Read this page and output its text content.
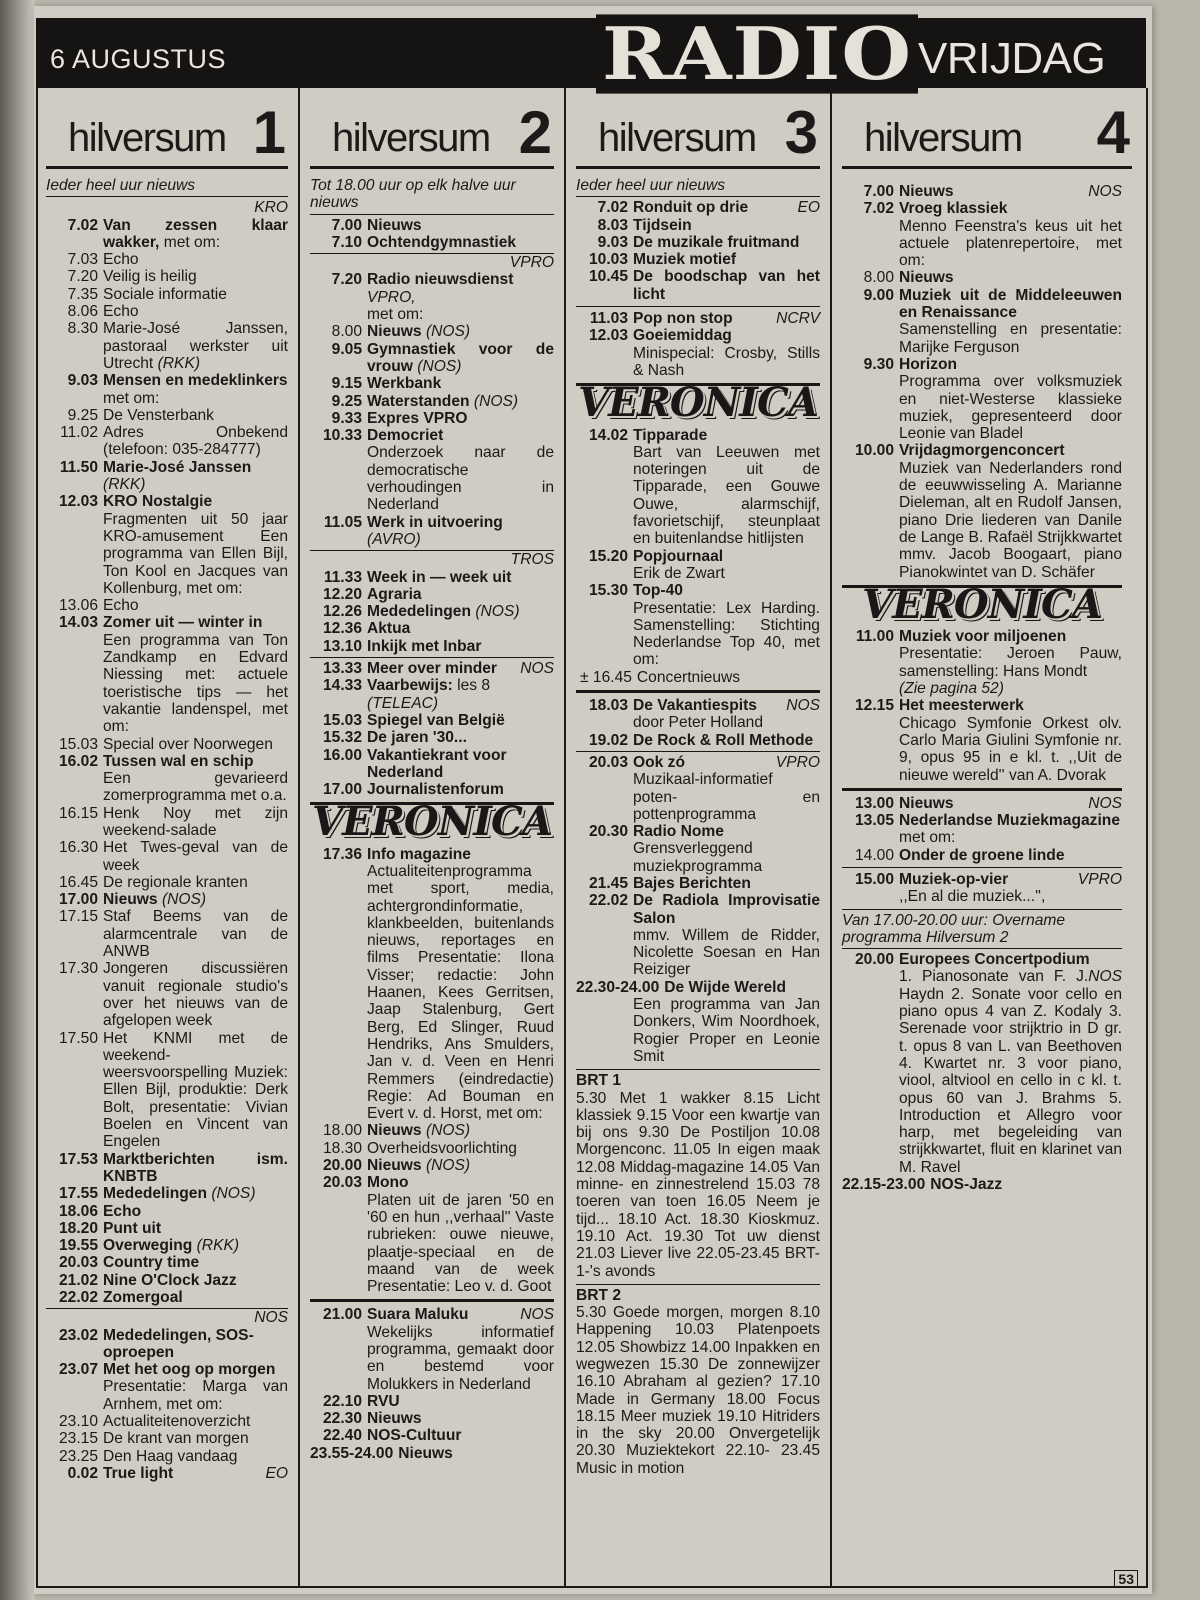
6 AUGUSTUS	RADIO VRIJDAG
hilversum 1
Ieder heel uur nieuws
KRO
7.02 Van zessen klaar wakker, met om:
7.03 Echo
7.20 Veilig is heilig
7.35 Sociale informatie
8.06 Echo
8.30 Marie-José Janssen, pastoraal werkster uit Utrecht (RKK)
9.03 Mensen en medeklinkers
met om:
9.25 De Vensterbank
11.02 Adres Onbekend (telefoon: 035-284777)
11.50 Marie-José Janssen
(RKK)
12.03 KRO Nostalgie
Fragmenten uit 50 jaar KRO-amusement Een programma van Ellen Bijl, Ton Kool en Jacques van Kollenburg, met om:
13.06 Echo
14.03 Zomer uit — winter in
Een programma van Ton Zandkamp en Edvard Niessing met: actuele toeristische tips — het vakantie landenspel, met om:
15.03 Special over Noorwegen
16.02 Tussen wal en schip
Een gevarieerd zomerprogramma met o.a.
16.15 Henk Noy met zijn weekend-salade
16.30 Het Twes-geval van de week
16.45 De regionale kranten
17.00 Nieuws (NOS)
17.15 Staf Beems van de alarmcentrale van de ANWB
17.30 Jongeren discussiëren vanuit regionale studio's over het nieuws van de afgelopen week
17.50 Het KNMI met de weekend-weersvoorspelling Muziek: Ellen Bijl, produktie: Derk Bolt, presentatie: Vivian Boelen en Vincent van Engelen
17.53 Marktberichten ism. KNBTB
17.55 Mededelingen (NOS)
18.06 Echo
18.20 Punt uit
19.55 Overweging (RKK)
20.03 Country time
21.02 Nine O'Clock Jazz
22.02 Zomergoal
NOS
23.02 Mededelingen, SOS-oproepen
23.07 Met het oog op morgen
Presentatie: Marga van Arnhem, met om:
23.10 Actualiteitenoverzicht
23.15 De krant van morgen
23.25 Den Haag vandaag
0.02 True light	EO
hilversum 2
Tot 18.00 uur op elk halve uur nieuws
7.00 Nieuws
7.10 Ochtendgymnastiek
VPRO
7.20 Radio nieuwsdienst
VPRO,
met om:
8.00 Nieuws (NOS)
9.05 Gymnastiek voor de vrouw (NOS)
9.15 Werkbank
9.25 Waterstanden (NOS)
9.33 Expres VPRO
10.33 Democriet
Onderzoek naar de democratische verhoudingen in Nederland
11.05 Werk in uitvoering
(AVRO)
TROS
11.33 Week in — week uit
12.20 Agraria
12.26 Mededelingen (NOS)
12.36 Aktua
13.10 Inkijk met Inbar
13.33 Meer over minder NOS
14.33 Vaarbewijs: les 8
(TELEAC)
15.03 Spiegel van België
15.32 De jaren '30...
16.00 Vakantiekrant voor Nederland
17.00 Journalistenforum
VERONICA
17.36 Info magazine
Actualiteitenprogramma met sport, media, achtergrondinformatie, klankbeelden, buitenlands nieuws, reportages en films Presentatie: Ilona Visser; redactie: John Haanen, Kees Gerritsen, Jaap Stalenburg, Gert Berg, Ed Slinger, Ruud Hendriks, Ans Smulders, Jan v. d. Veen en Henri Remmers (eindredactie) Regie: Ad Bouman en Evert v. d. Horst, met om:
18.00 Nieuws (NOS)
18.30 Overheidsvoorlichting
20.00 Nieuws (NOS)
20.03 Mono
Platen uit de jaren '50 en '60 en hun ,,verhaal'' Vaste rubrieken: ouwe nieuwe, plaatje-speciaal en de maand van de week Presentatie: Leo v. d. Goot
21.00 Suara Maluku	NOS

Wekelijks informatief programma, gemaakt door en bestemd voor Molukkers in Nederland
22.10 RVU
22.30 Nieuws
22.40 NOS-Cultuur
23.55-24.00 Nieuws
hilversum 3
Ieder heel uur nieuws
7.02 Ronduit op drie	EO
8.03 Tijdsein
9.03 De muzikale fruitmand
10.03 Muziek motief
10.45 De boodschap van het licht
11.03 Pop non stop	NCRV
12.03 Goeiemiddag
Minispecial: Crosby, Stills & Nash
VERONICA
14.02 Tipparade
Bart van Leeuwen met noteringen uit de Tipparade, een Gouwe Ouwe, alarmschijf, favorietschijf, steunplaat en buitenlandse hitlijsten
15.20 Popjournaal
Erik de Zwart
15.30 Top-40
Presentatie: Lex Harding. Samenstelling: Stichting Nederlandse Top 40, met om:
± 16.45 Concertnieuws
18.03 De Vakantiespits NOS

door Peter Holland
19.02 De Rock & Roll Methode
20.03 Ook zó	VPRO

Muzikaal-informatief poten- en pottenprogramma
20.30 Radio Nome
Grensverleggend muziekprogramma
21.45 Bajes Berichten
22.02 De Radiola Improvisatie Salon
mmv. Willem de Ridder, Nicolette Soesan en Han Reiziger
22.30-24.00 De Wijde Wereld
Een programma van Jan Donkers, Wim Noordhoek, Rogier Proper en Leonie Smit
BRT 1
5.30 Met 1 wakker 8.15 Licht klassiek 9.15 Voor een kwartje van bij ons 9.30 De Postiljon 10.08 Morgenconc. 11.05 In eigen maak 12.08 Middag-magazine 14.05 Van minne- en zinnestrelend 15.03 78 toeren van toen 16.05 Neem je tijd... 18.10 Act. 18.30 Kioskmuz. 19.10 Act. 19.30 Tot uw dienst 21.03 Liever live 22.05-23.45 BRT-1-'s avonds
BRT 2
5.30 Goede morgen, morgen 8.10 Happening 10.03 Platenpoets 12.05 Showbizz 14.00 Inpakken en wegwezen 15.30 De zonnewijzer 16.10 Abraham al gezien? 17.10 Made in Germany 18.00 Focus 18.15 Meer muziek 19.10 Hitriders in the sky 20.00 Onvergetelijk 20.30 Muziektekort 22.10- 23.45 Music in motion
hilversum 4
7.00 Nieuws	NOS
7.02 Vroeg klassiek
Menno Feenstra's keus uit het actuele platenrepertoire, met om:
8.00 Nieuws
9.00 Muziek uit de Middeleeuwen en Renaissance
Samenstelling en presentatie: Marijke Ferguson
9.30 Horizon
Programma over volksmuziek en niet-Westerse klassieke muziek, gepresenteerd door Leonie van Bladel
10.00 Vrijdagmorgenconcert
Muziek van Nederlanders rond de eeuwwisseling A. Marianne Dieleman, alt en Rudolf Jansen, piano Drie liederen van Danile de Lange B. Rafaël Strijkkwartet mmv. Jacob Boogaart, piano Pianokwintet van D. Schäfer
VERONICA
11.00 Muziek voor miljoenen
Presentatie: Jeroen Pauw, samenstelling: Hans Mondt
(Zie pagina 52)
12.15 Het meesterwerk
Chicago Symfonie Orkest olv. Carlo Maria Giulini Symfonie nr. 9, opus 95 in e kl. t. ,,Uit de nieuwe wereld'' van A. Dvorak
13.00 Nieuws	NOS
13.05 Nederlandse Muziekmagazine
met om:
14.00 Onder de groene linde
15.00 Muziek-op-vier	VPRO

,,En al die muziek...'',
Van 17.00-20.00 uur: Overname programma Hilversum 2
20.00 Europees Concertpodium
NOS

1. Pianosonate van F. J. Haydn 2. Sonate voor cello en piano opus 4 van Z. Kodaly 3. Serenade voor strijktrio in D gr. t. opus 8 van L. van Beethoven 4. Kwartet nr. 3 voor piano, viool, altviool en cello in c kl. t. opus 60 van J. Brahms 5. Introduction et Allegro voor harp, met begeleiding van strijkkwartet, fluit en klarinet van M. Ravel
22.15-23.00 NOS-Jazz
53
